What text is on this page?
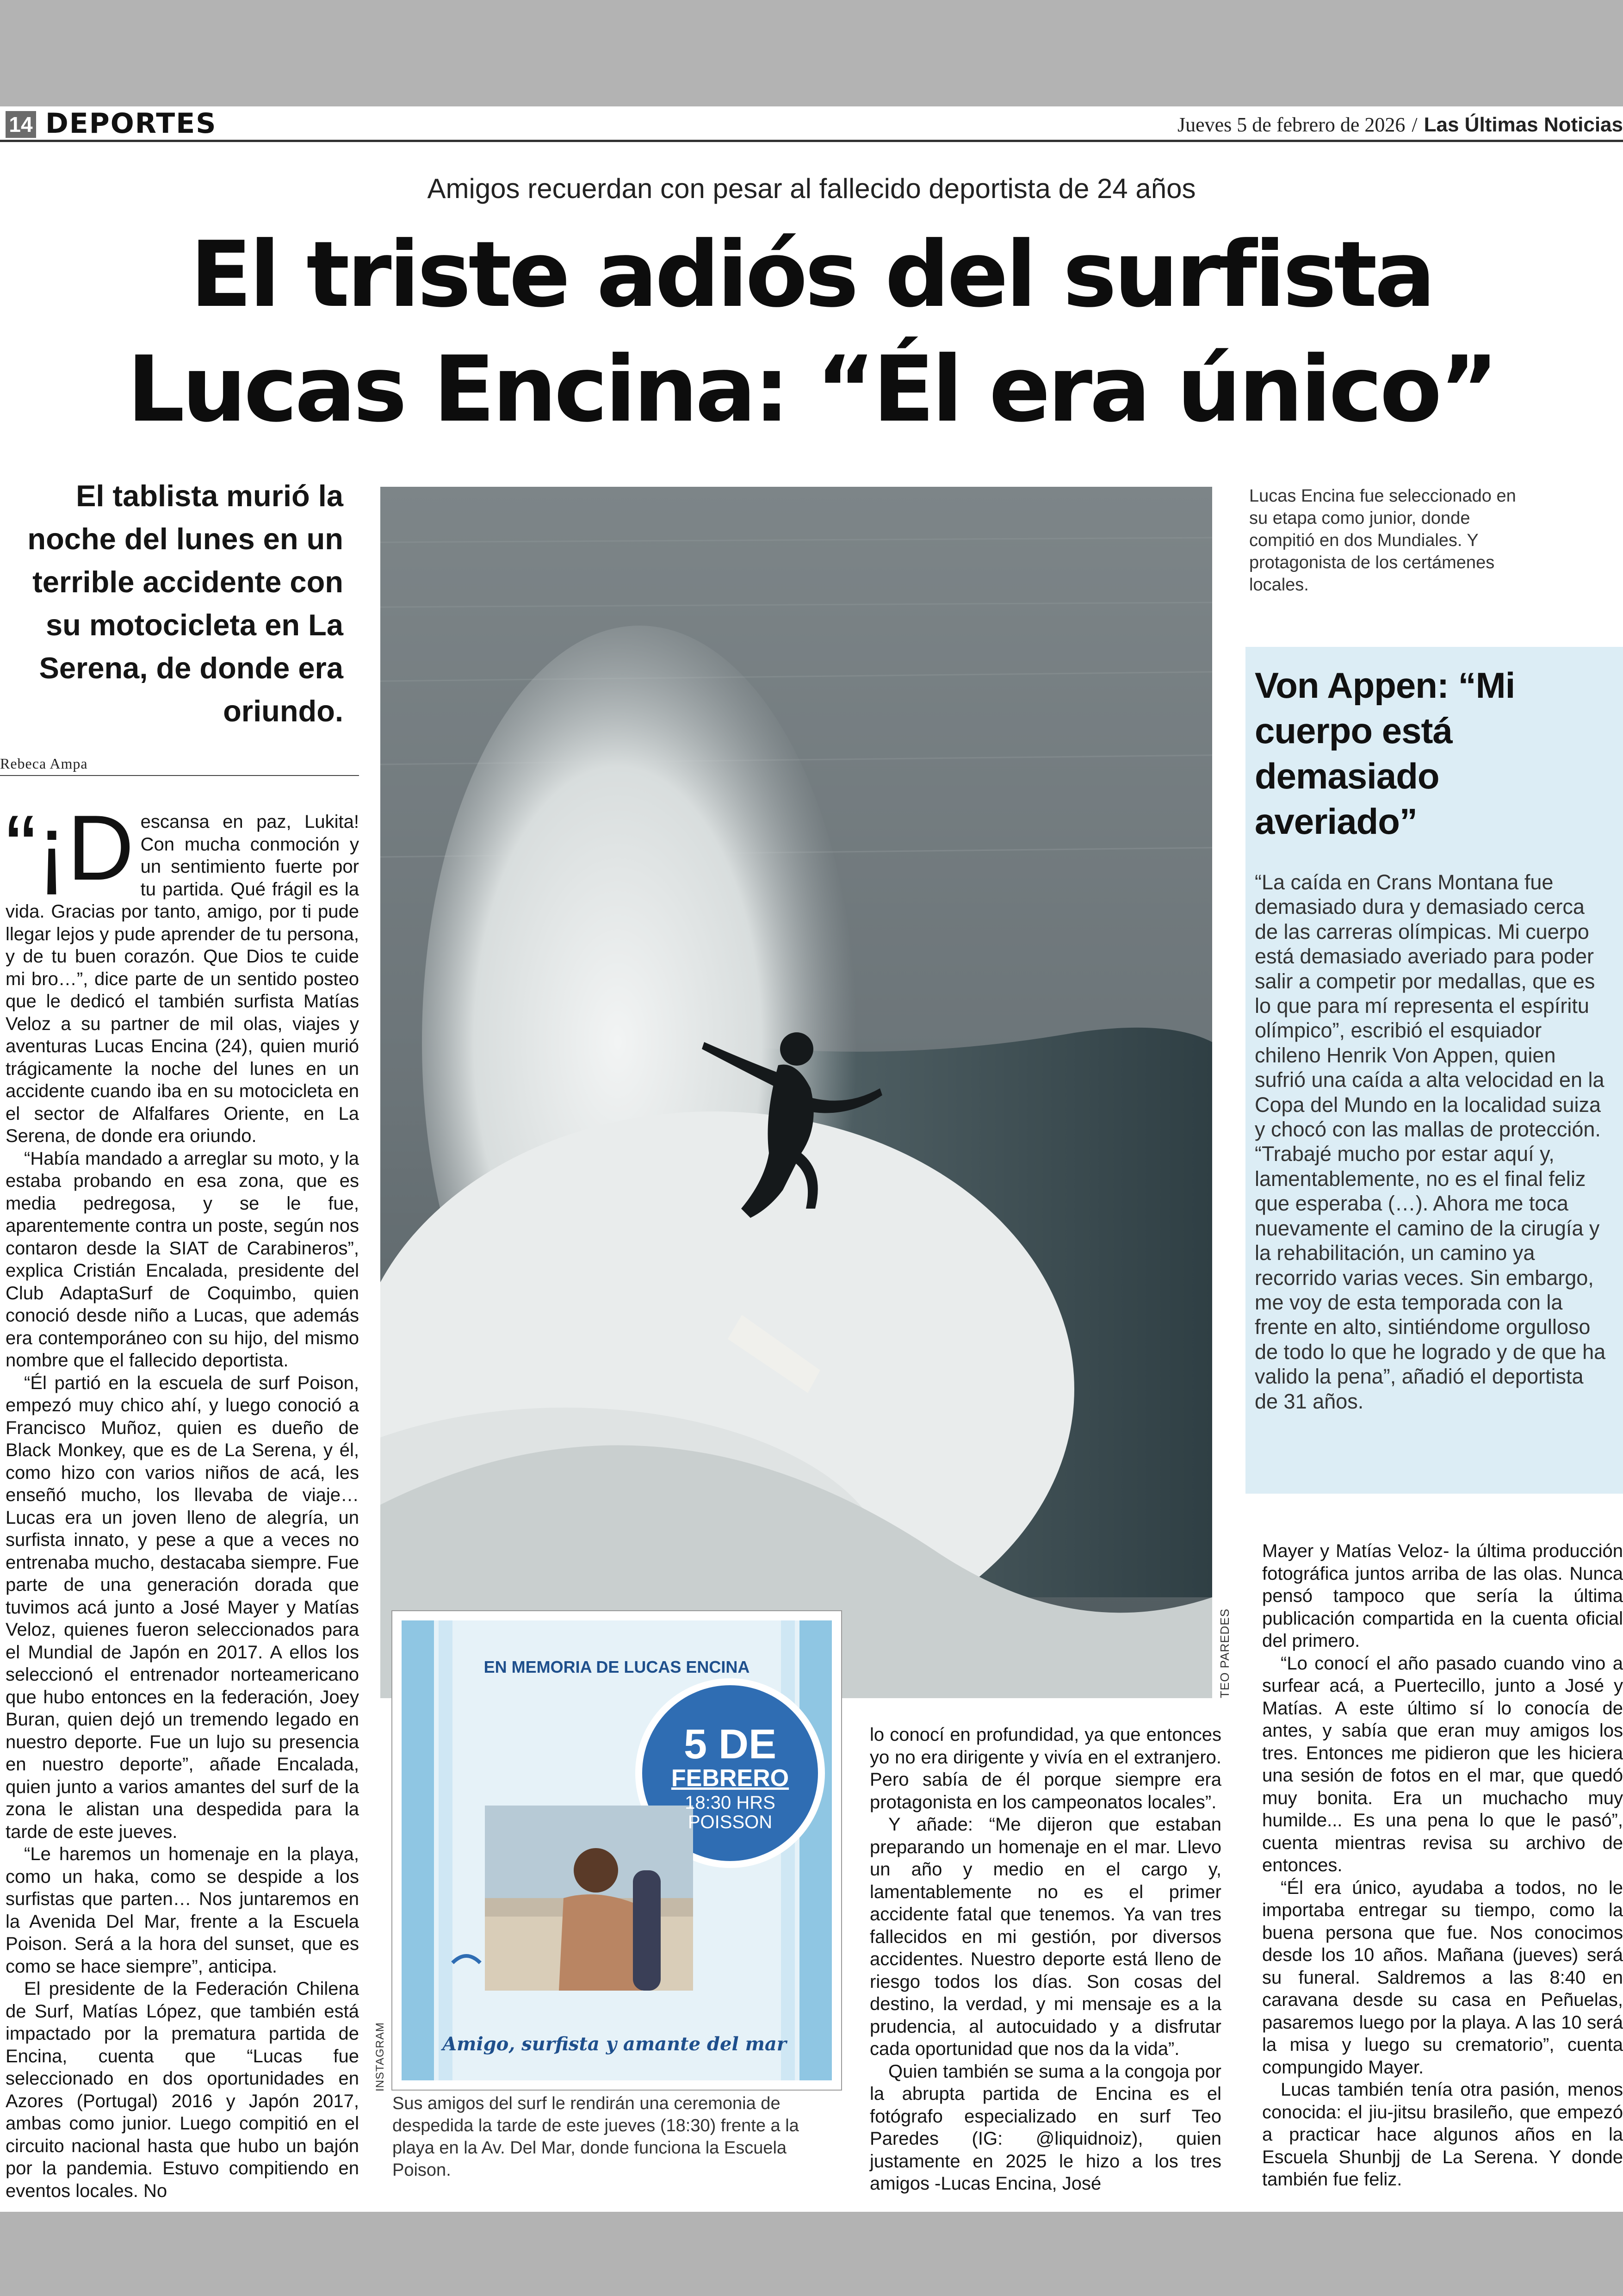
14 DEPORTES	Jueves 5 de febrero de 2026 / Las Últimas Noticias
Amigos recuerdan con pesar al fallecido deportista de 24 años
El triste adiós del surfista Lucas Encina: “Él era único”
El tablista murió la noche del lunes en un terrible accidente con su motocicleta en La Serena, de donde era oriundo.
Rebeca Ampa

“¡D escansa en paz, Lukita! Con mucha conmoción y un sentimiento fuerte por tu partida. Qué frágil es la vida. Gracias por tanto, amigo, por ti pude llegar lejos y pude aprender de tu persona, y de tu buen corazón. Que Dios te cuide mi bro…”, dice parte de un sentido posteo que le dedicó el también surfista Matías Veloz a su partner de mil olas, viajes y aventuras Lucas Encina (24), quien murió trágicamente la noche del lunes en un accidente cuando iba en su motocicleta en el sector de Alfalfares Oriente, en La Serena, de donde era oriundo.

“Había mandado a arreglar su moto, y la estaba probando en esa zona, que es media pedregosa, y se le fue, aparentemente contra un poste, según nos contaron desde la SIAT de Carabineros”, explica Cristián Encalada, presidente del Club AdaptaSurf de Coquimbo, quien conoció desde niño a Lucas, que además era contemporáneo con su hijo, del mismo nombre que el fallecido deportista.

“Él partió en la escuela de surf Poison, empezó muy chico ahí, y luego conoció a Francisco Muñoz, quien es dueño de Black Monkey, que es de La Serena, y él, como hizo con varios niños de acá, les enseñó mucho, los llevaba de viaje… Lucas era un joven lleno de alegría, un surfista innato, y pese a que a veces no entrenaba mucho, destacaba siempre. Fue parte de una generación dorada que tuvimos acá junto a José Mayer y Matías Veloz, quienes fueron seleccionados para el Mundial de Japón en 2017. A ellos los seleccionó el entrenador norteamericano que hubo entonces en la federación, Joey Buran, quien dejó un tremendo legado en nuestro deporte. Fue un lujo su presencia en nuestro deporte”, añade Encalada, quien junto a varios amantes del surf de la zona le alistan una despedida para la tarde de este jueves.

“Le haremos un homenaje en la playa, como un haka, como se despide a los surfistas que parten… Nos juntaremos en la Avenida Del Mar, frente a la Escuela Poison. Será a la hora del sunset, que es como se hace siempre”, anticipa.

El presidente de la Federación Chilena de Surf, Matías López, que también está impactado por la prematura partida de Encina, cuenta que “Lucas fue seleccionado en dos oportunidades en Azores (Portugal) 2016 y Japón 2017, ambas como junior. Luego compitió en el circuito nacional hasta que hubo un bajón por la pandemia. Estuvo compitiendo en eventos locales. No

TEO PAREDES
Lucas Encina fue seleccionado en su etapa como junior, donde compitió en dos Mundiales. Y protagonista de los certámenes locales.
Von Appen: “Mi cuerpo está demasiado averiado”
“La caída en Crans Montana fue demasiado dura y demasiado cerca de las carreras olímpicas. Mi cuerpo está demasiado averiado para poder salir a competir por medallas, que es lo que para mí representa el espíritu olímpico”, escribió el esquiador chileno Henrik Von Appen, quien sufrió una caída a alta velocidad en la Copa del Mundo en la localidad suiza y chocó con las mallas de protección. “Trabajé mucho por estar aquí y, lamentablemente, no es el final feliz que esperaba (…). Ahora me toca nuevamente el camino de la cirugía y la rehabilitación, un camino ya recorrido varias veces. Sin embargo, me voy de esta temporada con la frente en alto, sintiéndome orgulloso de todo lo que he logrado y de que ha valido la pena”, añadió el deportista de 31 años.
EN MEMORIA DE LUCAS ENCINA
5 DE
FEBRERO
18:30 HRS
POISSON
Amigo, surfista y amante del mar
INSTAGRAM
Sus amigos del surf le rendirán una ceremonia de despedida la tarde de este jueves (18:30) frente a la playa en la Av. Del Mar, donde funciona la Escuela Poison.

lo conocí en profundidad, ya que entonces yo no era dirigente y vivía en el extranjero. Pero sabía de él porque siempre era protagonista en los campeonatos locales”.

Y añade: “Me dijeron que estaban preparando un homenaje en el mar. Llevo un año y medio en el cargo y, lamentablemente no es el primer accidente fatal que tenemos. Ya van tres fallecidos en mi gestión, por diversos accidentes. Nuestro deporte está lleno de riesgo todos los días. Son cosas del destino, la verdad, y mi mensaje es a la prudencia, al autocuidado y a disfrutar cada oportunidad que nos da la vida”.

Quien también se suma a la congoja por la abrupta partida de Encina es el fotógrafo especializado en surf Teo Paredes (IG: @liquidnoiz), quien justamente en 2025 le hizo a los tres amigos -Lucas Encina, José

Mayer y Matías Veloz- la última producción fotográfica juntos arriba de las olas. Nunca pensó tampoco que sería la última publicación compartida en la cuenta oficial del primero.

“Lo conocí el año pasado cuando vino a surfear acá, a Puertecillo, junto a José y Matías. A este último sí lo conocía de antes, y sabía que eran muy amigos los tres. Entonces me pidieron que les hiciera una sesión de fotos en el mar, que quedó muy bonita. Era un muchacho muy humilde... Es una pena lo que le pasó”, cuenta mientras revisa su archivo de entonces.

“Él era único, ayudaba a todos, no le importaba entregar su tiempo, como la buena persona que fue. Nos conocimos desde los 10 años. Mañana (jueves) será su funeral. Saldremos a las 8:40 en caravana desde su casa en Peñuelas, pasaremos luego por la playa. A las 10 será la misa y luego su crematorio”, cuenta compungido Mayer.

Lucas también tenía otra pasión, menos conocida: el jiu-jitsu brasileño, que empezó a practicar hace algunos años en la Escuela Shunbjj de La Serena. Y donde también fue feliz.
